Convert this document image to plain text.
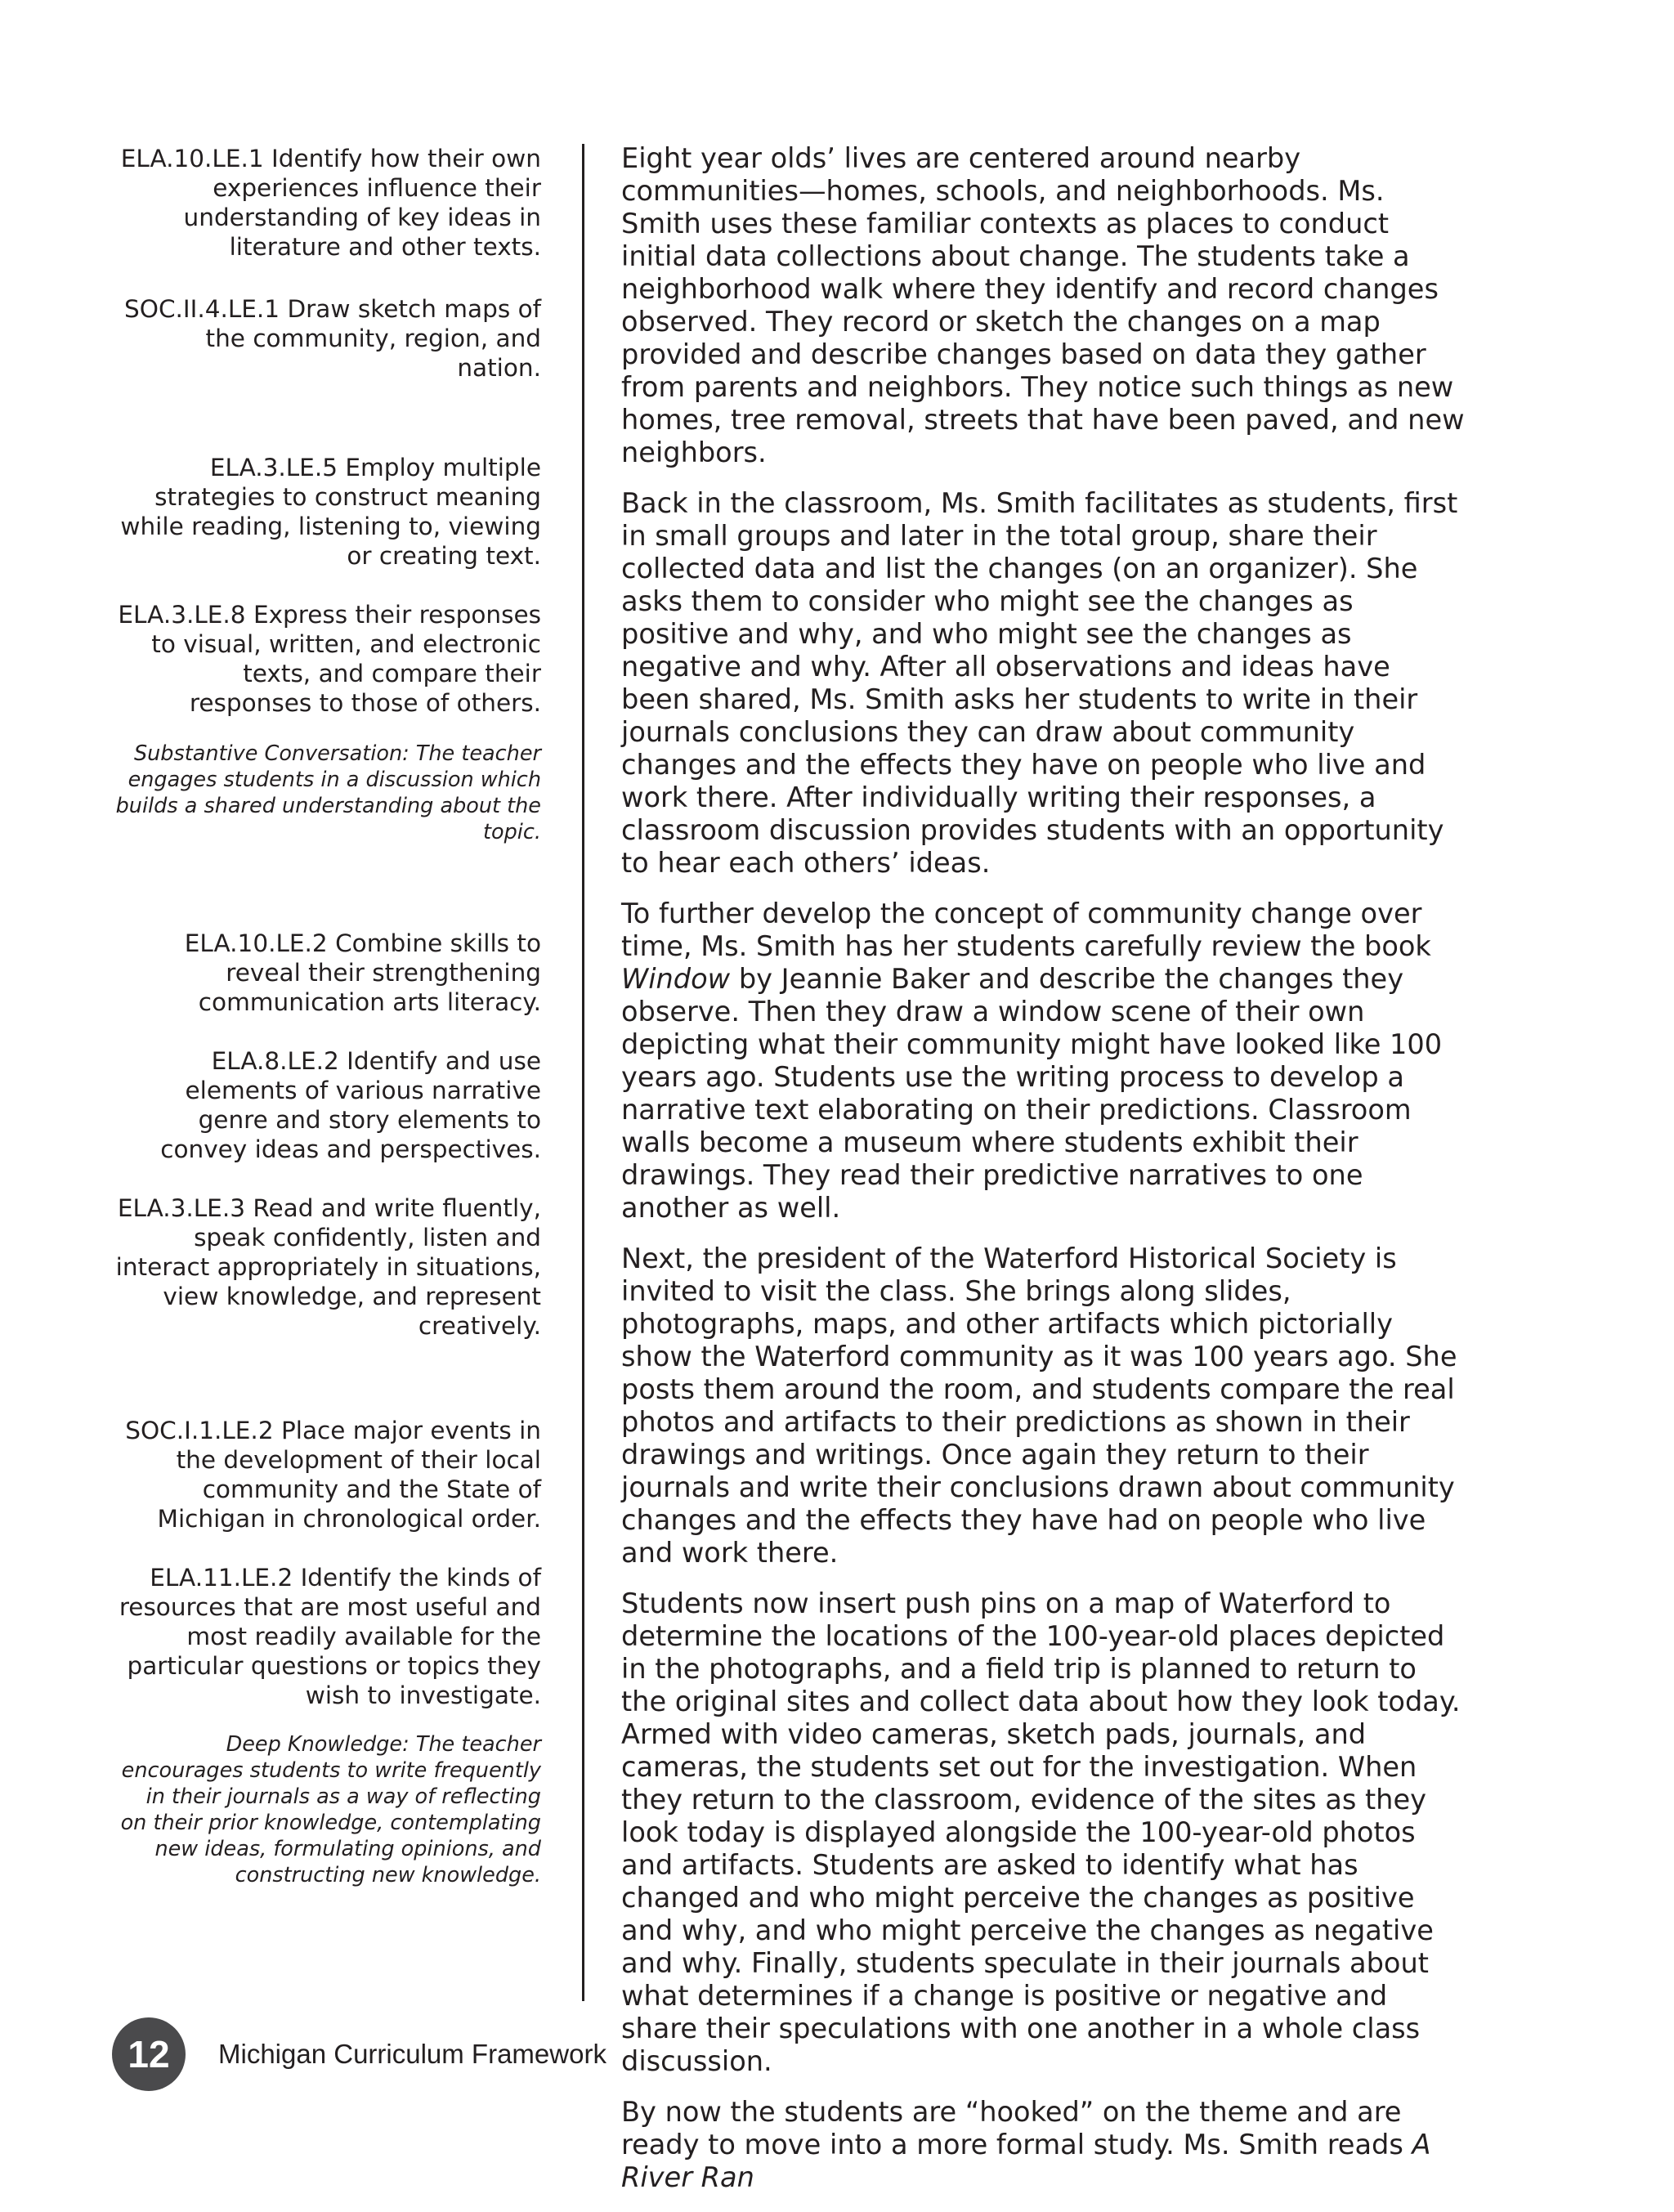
ELA.10.LE.1 Identify how their own experiences influence their understanding of key ideas in literature and other texts.

SOC.II.4.LE.1 Draw sketch maps of the community, region, and nation.

ELA.3.LE.5 Employ multiple strategies to construct meaning while reading, listening to, viewing or creating text.

ELA.3.LE.8 Express their responses to visual, written, and electronic texts, and compare their responses to those of others.

Substantive Conversation: The teacher engages students in a discussion which builds a shared understanding about the topic.

ELA.10.LE.2 Combine skills to reveal their strengthening communication arts literacy.

ELA.8.LE.2 Identify and use elements of various narrative genre and story elements to convey ideas and perspectives.

ELA.3.LE.3 Read and write fluently, speak confidently, listen and interact appropriately in situations, view knowledge, and represent creatively.

SOC.I.1.LE.2 Place major events in the development of their local community and the State of Michigan in chronological order.

ELA.11.LE.2 Identify the kinds of resources that are most useful and most readily available for the particular questions or topics they wish to investigate.

Deep Knowledge: The teacher encourages students to write frequently in their journals as a way of reflecting on their prior knowledge, contemplating new ideas, formulating opinions, and constructing new knowledge.

Eight year olds’ lives are centered around nearby communities—homes, schools, and neighborhoods. Ms. Smith uses these familiar contexts as places to conduct initial data collections about change. The students take a neighborhood walk where they identify and record changes observed. They record or sketch the changes on a map provided and describe changes based on data they gather from parents and neighbors. They notice such things as new homes, tree removal, streets that have been paved, and new neighbors.

Back in the classroom, Ms. Smith facilitates as students, first in small groups and later in the total group, share their collected data and list the changes (on an organizer). She asks them to consider who might see the changes as positive and why, and who might see the changes as negative and why. After all observations and ideas have been shared, Ms. Smith asks her students to write in their journals conclusions they can draw about community changes and the effects they have on people who live and work there. After individually writing their responses, a classroom discussion provides students with an opportunity to hear each others’ ideas.

To further develop the concept of community change over time, Ms. Smith has her students carefully review the book Window by Jeannie Baker and describe the changes they observe. Then they draw a window scene of their own depicting what their community might have looked like 100 years ago. Students use the writing process to develop a narrative text elaborating on their predictions. Classroom walls become a museum where students exhibit their drawings. They read their predictive narratives to one another as well.

Next, the president of the Waterford Historical Society is invited to visit the class. She brings along slides, photographs, maps, and other artifacts which pictorially show the Waterford community as it was 100 years ago. She posts them around the room, and students compare the real photos and artifacts to their predictions as shown in their drawings and writings. Once again they return to their journals and write their conclusions drawn about community changes and the effects they have had on people who live and work there.

Students now insert push pins on a map of Waterford to determine the locations of the 100-year-old places depicted in the photographs, and a field trip is planned to return to the original sites and collect data about how they look today. Armed with video cameras, sketch pads, journals, and cameras, the students set out for the investigation. When they return to the classroom, evidence of the sites as they look today is displayed alongside the 100-year-old photos and artifacts. Students are asked to identify what has changed and who might perceive the changes as positive and why, and who might perceive the changes as negative and why. Finally, students speculate in their journals about what determines if a change is positive or negative and share their speculations with one another in a whole class discussion.

By now the students are “hooked” on the theme and are ready to move into a more formal study. Ms. Smith reads A River Ran

12 Michigan Curriculum Framework
